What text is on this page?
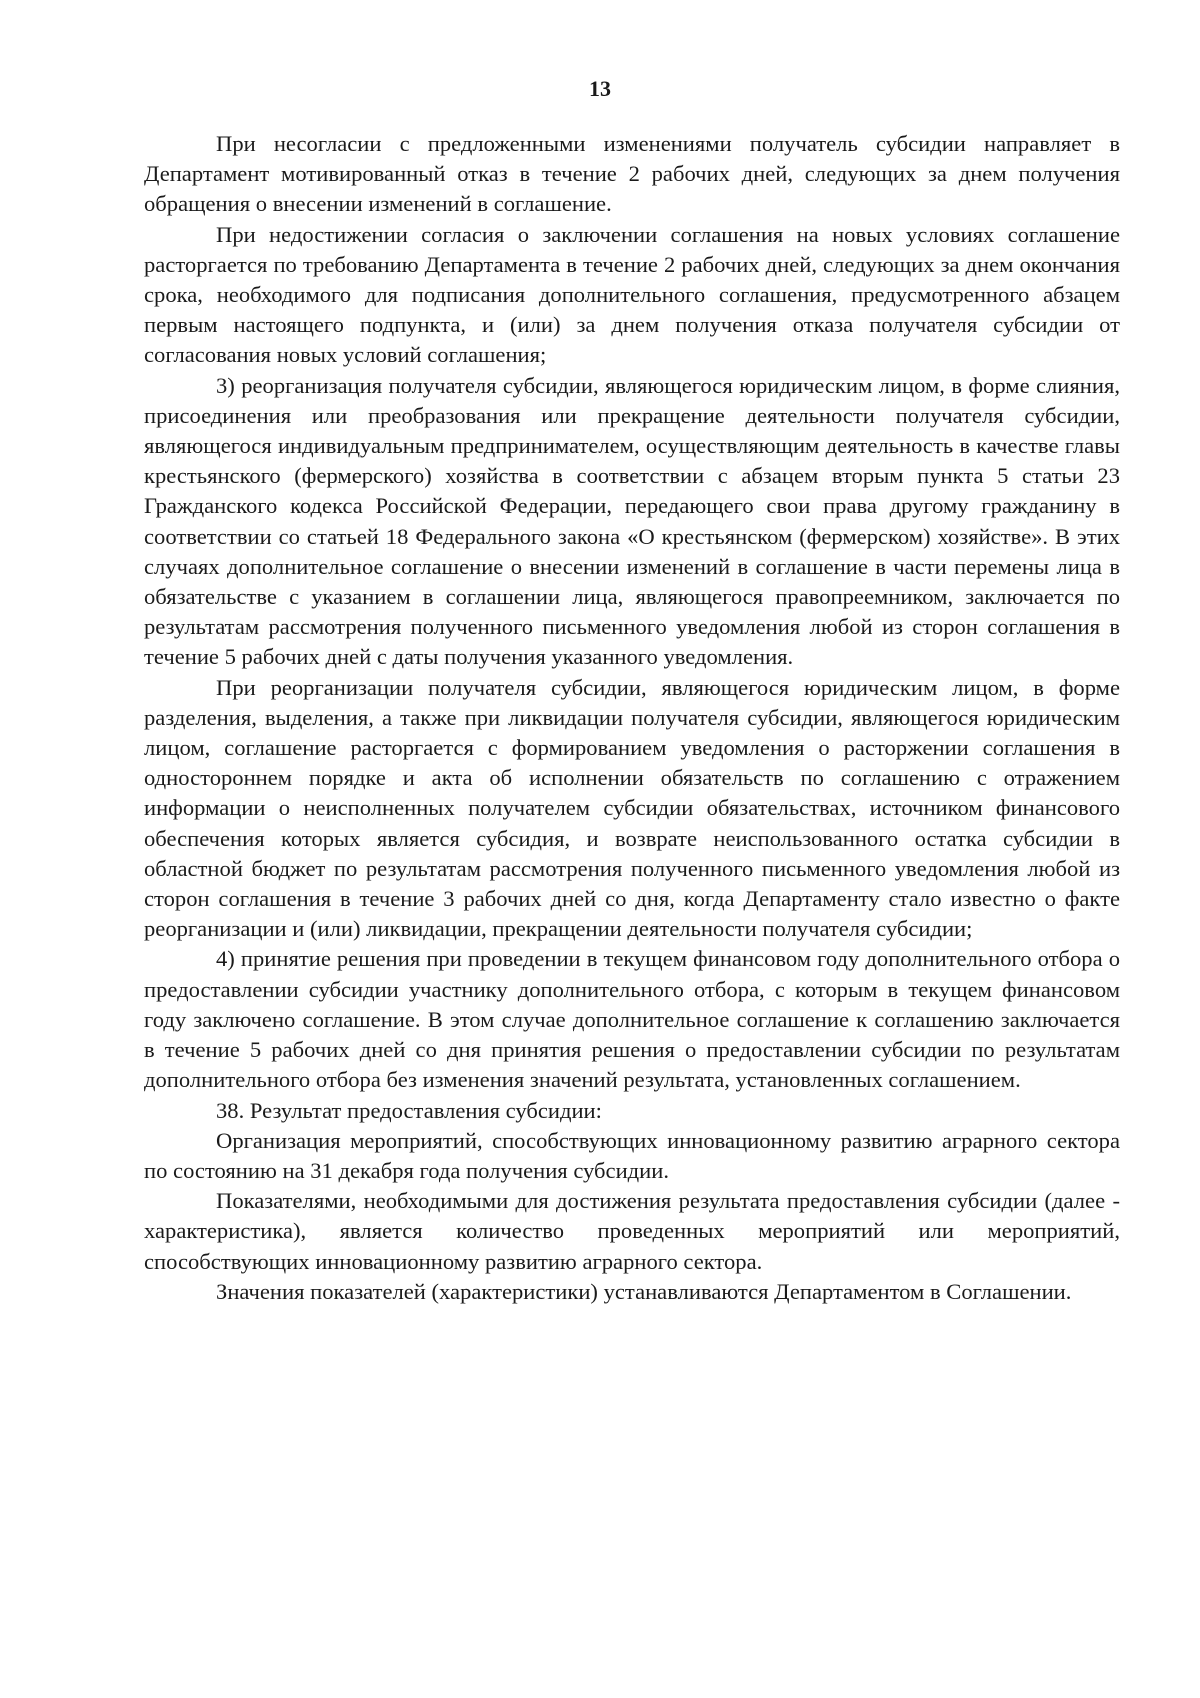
13

При несогласии с предложенными изменениями получатель субсидии направляет в Департамент мотивированный отказ в течение 2 рабочих дней, следующих за днем получения обращения о внесении изменений в соглашение.

При недостижении согласия о заключении соглашения на новых условиях соглашение расторгается по требованию Департамента в течение 2 рабочих дней, следующих за днем окончания срока, необходимого для подписания дополнительного соглашения, предусмотренного абзацем первым настоящего подпункта, и (или) за днем получения отказа получателя субсидии от согласования новых условий соглашения;

3) реорганизация получателя субсидии, являющегося юридическим лицом, в форме слияния, присоединения или преобразования или прекращение деятельности получателя субсидии, являющегося индивидуальным предпринимателем, осуществляющим деятельность в качестве главы крестьянского (фермерского) хозяйства в соответствии с абзацем вторым пункта 5 статьи 23 Гражданского кодекса Российской Федерации, передающего свои права другому гражданину в соответствии со статьей 18 Федерального закона «О крестьянском (фермерском) хозяйстве». В этих случаях дополнительное соглашение о внесении изменений в соглашение в части перемены лица в обязательстве с указанием в соглашении лица, являющегося правопреемником, заключается по результатам рассмотрения полученного письменного уведомления любой из сторон соглашения в течение 5 рабочих дней с даты получения указанного уведомления.

При реорганизации получателя субсидии, являющегося юридическим лицом, в форме разделения, выделения, а также при ликвидации получателя субсидии, являющегося юридическим лицом, соглашение расторгается с формированием уведомления о расторжении соглашения в одностороннем порядке и акта об исполнении обязательств по соглашению с отражением информации о неисполненных получателем субсидии обязательствах, источником финансового обеспечения которых является субсидия, и возврате неиспользованного остатка субсидии в областной бюджет по результатам рассмотрения полученного письменного уведомления любой из сторон соглашения в течение 3 рабочих дней со дня, когда Департаменту стало известно о факте реорганизации и (или) ликвидации, прекращении деятельности получателя субсидии;

4) принятие решения при проведении в текущем финансовом году дополнительного отбора о предоставлении субсидии участнику дополнительного отбора, с которым в текущем финансовом году заключено соглашение. В этом случае дополнительное соглашение к соглашению заключается в течение 5 рабочих дней со дня принятия решения о предоставлении субсидии по результатам дополнительного отбора без изменения значений результата, установленных соглашением.

38. Результат предоставления субсидии:

Организация мероприятий, способствующих инновационному развитию аграрного сектора по состоянию на 31 декабря года получения субсидии.

Показателями, необходимыми для достижения результата предоставления субсидии (далее - характеристика), является количество проведенных мероприятий или мероприятий, способствующих инновационному развитию аграрного сектора.

Значения показателей (характеристики) устанавливаются Департаментом в Соглашении.
